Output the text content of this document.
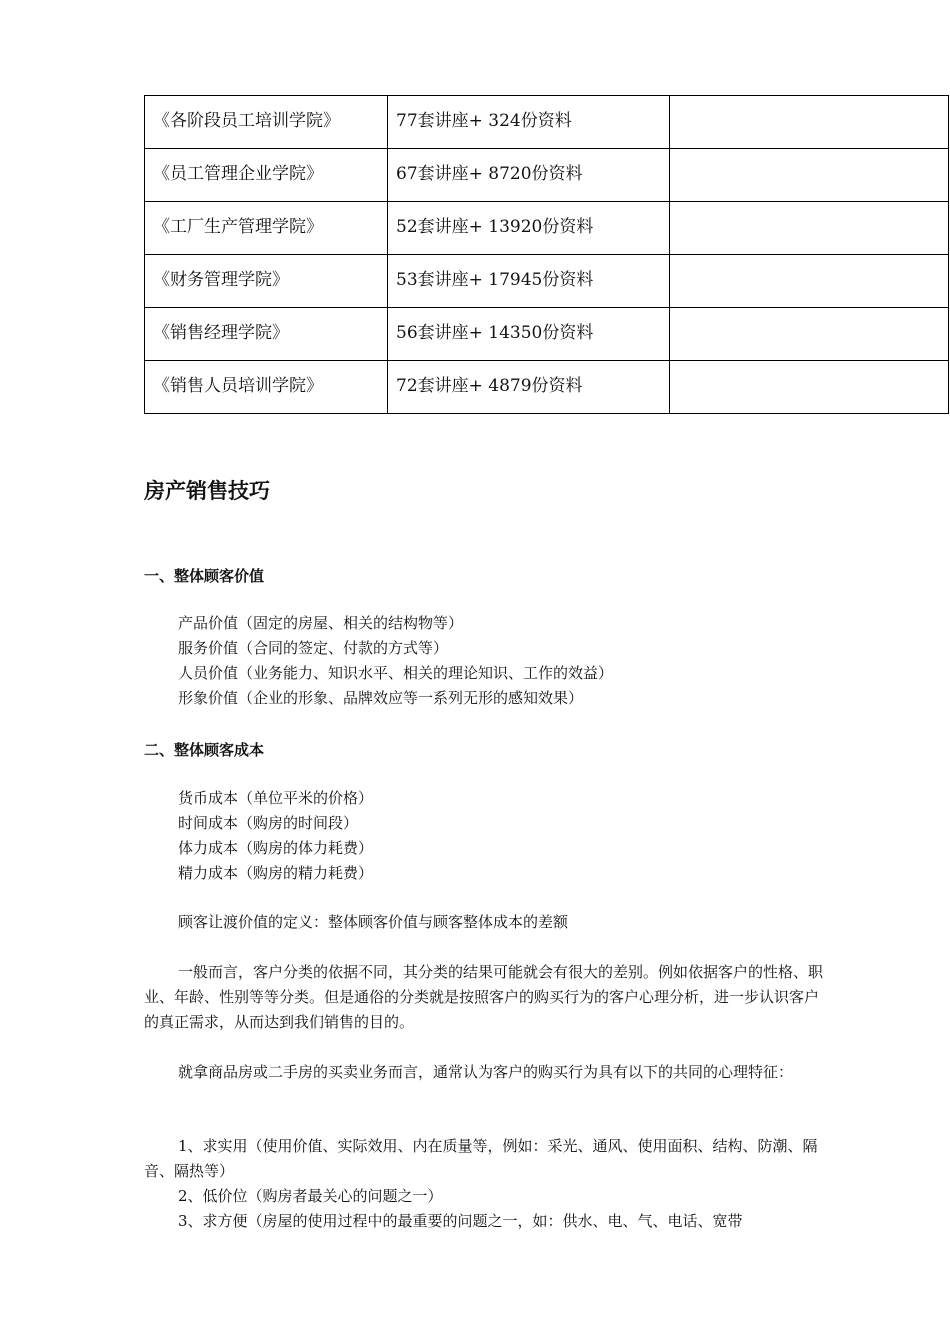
《各阶段员工培训学院》	77套讲座+ 324份资料	
《员工管理企业学院》	67套讲座+ 8720份资料	
《工厂生产管理学院》	52套讲座+ 13920份资料	
《财务管理学院》	53套讲座+ 17945份资料	
《销售经理学院》	56套讲座+ 14350份资料	
《销售人员培训学院》	72套讲座+ 4879份资料	
房产销售技巧
一、整体顾客价值
产品价值（固定的房屋、相关的结构物等）
服务价值（合同的签定、付款的方式等）
人员价值（业务能力、知识水平、相关的理论知识、工作的效益）
形象价值（企业的形象、品牌效应等一系列无形的感知效果）
二、整体顾客成本
货币成本（单位平米的价格）
时间成本（购房的时间段）
体力成本（购房的体力耗费）
精力成本（购房的精力耗费）

顾客让渡价值的定义：整体顾客价值与顾客整体成本的差额

一般而言，客户分类的依据不同，其分类的结果可能就会有很大的差别。例如依据客户的性格、职业、年龄、性别等等分类。但是通俗的分类就是按照客户的购买行为的客户心理分析，进一步认识客户的真正需求，从而达到我们销售的目的。

就拿商品房或二手房的买卖业务而言，通常认为客户的购买行为具有以下的共同的心理特征：

1、求实用（使用价值、实际效用、内在质量等，例如：采光、通风、使用面积、结构、防潮、隔音、隔热等）

2、低价位（购房者最关心的问题之一）

3、求方便（房屋的使用过程中的最重要的问题之一，如：供水、电、气、电话、宽带
